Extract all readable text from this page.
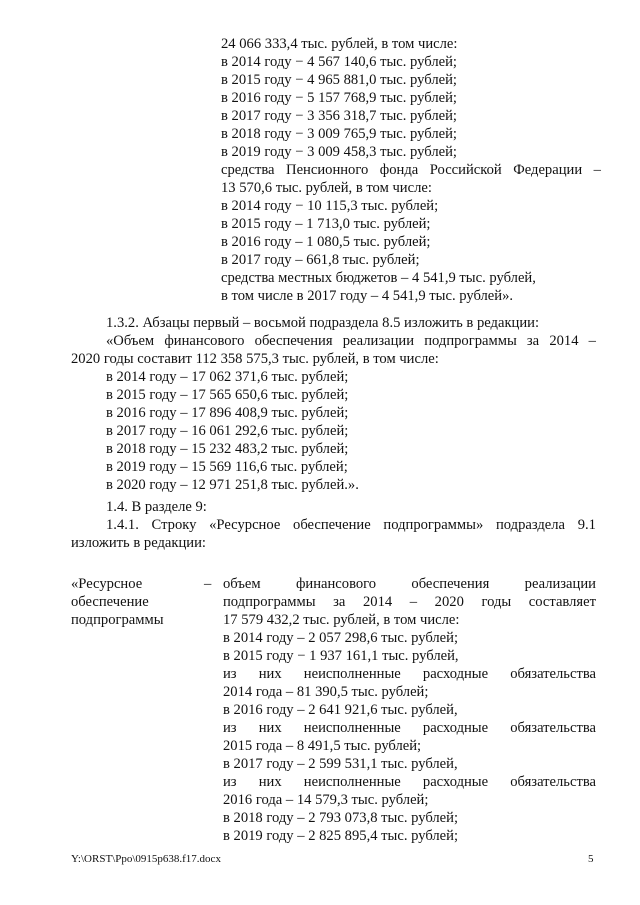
24 066 333,4 тыс. рублей, в том числе:
в 2014 году − 4 567 140,6 тыс. рублей;
в 2015 году − 4 965 881,0 тыс. рублей;
в 2016 году − 5 157 768,9 тыс. рублей;
в 2017 году − 3 356 318,7 тыс. рублей;
в 2018 году − 3 009 765,9 тыс. рублей;
в 2019 году − 3 009 458,3 тыс. рублей;
средства Пенсионного фонда Российской Федерации –
13 570,6 тыс. рублей, в том числе:
в 2014 году − 10 115,3 тыс. рублей;
в 2015 году – 1 713,0 тыс. рублей;
в 2016 году – 1 080,5 тыс. рублей;
в 2017 году – 661,8 тыс. рублей;
средства местных бюджетов – 4 541,9 тыс. рублей,
в том числе в 2017 году – 4 541,9 тыс. рублей».
1.3.2. Абзацы первый – восьмой подраздела 8.5 изложить в редакции:
«Объем финансового обеспечения реализации подпрограммы за 2014 –
2020 годы составит 112 358 575,3 тыс. рублей, в том числе:
в 2014 году – 17 062 371,6 тыс. рублей;
в 2015 году – 17 565 650,6 тыс. рублей;
в 2016 году – 17 896 408,9 тыс. рублей;
в 2017 году – 16 061 292,6 тыс. рублей;
в 2018 году – 15 232 483,2 тыс. рублей;
в 2019 году – 15 569 116,6 тыс. рублей;
в 2020 году – 12 971 251,8 тыс. рублей.».
1.4. В разделе 9:
1.4.1. Строку «Ресурсное обеспечение подпрограммы» подраздела 9.1
изложить в редакции:
«Ресурсное
обеспечение
подпрограммы
– объем финансового обеспечения реализации
подпрограммы за 2014 – 2020 годы составляет
17 579 432,2 тыс. рублей, в том числе:
в 2014 году – 2 057 298,6 тыс. рублей;
в 2015 году − 1 937 161,1 тыс. рублей,
из них неисполненные расходные обязательства
2014 года – 81 390,5 тыс. рублей;
в 2016 году – 2 641 921,6 тыс. рублей,
из них неисполненные расходные обязательства
2015 года – 8 491,5 тыс. рублей;
в 2017 году – 2 599 531,1 тыс. рублей,
из них неисполненные расходные обязательства
2016 года – 14 579,3 тыс. рублей;
в 2018 году – 2 793 073,8 тыс. рублей;
в 2019 году – 2 825 895,4 тыс. рублей;
Y:\ORST\Ppo\0915p638.f17.docx	5
